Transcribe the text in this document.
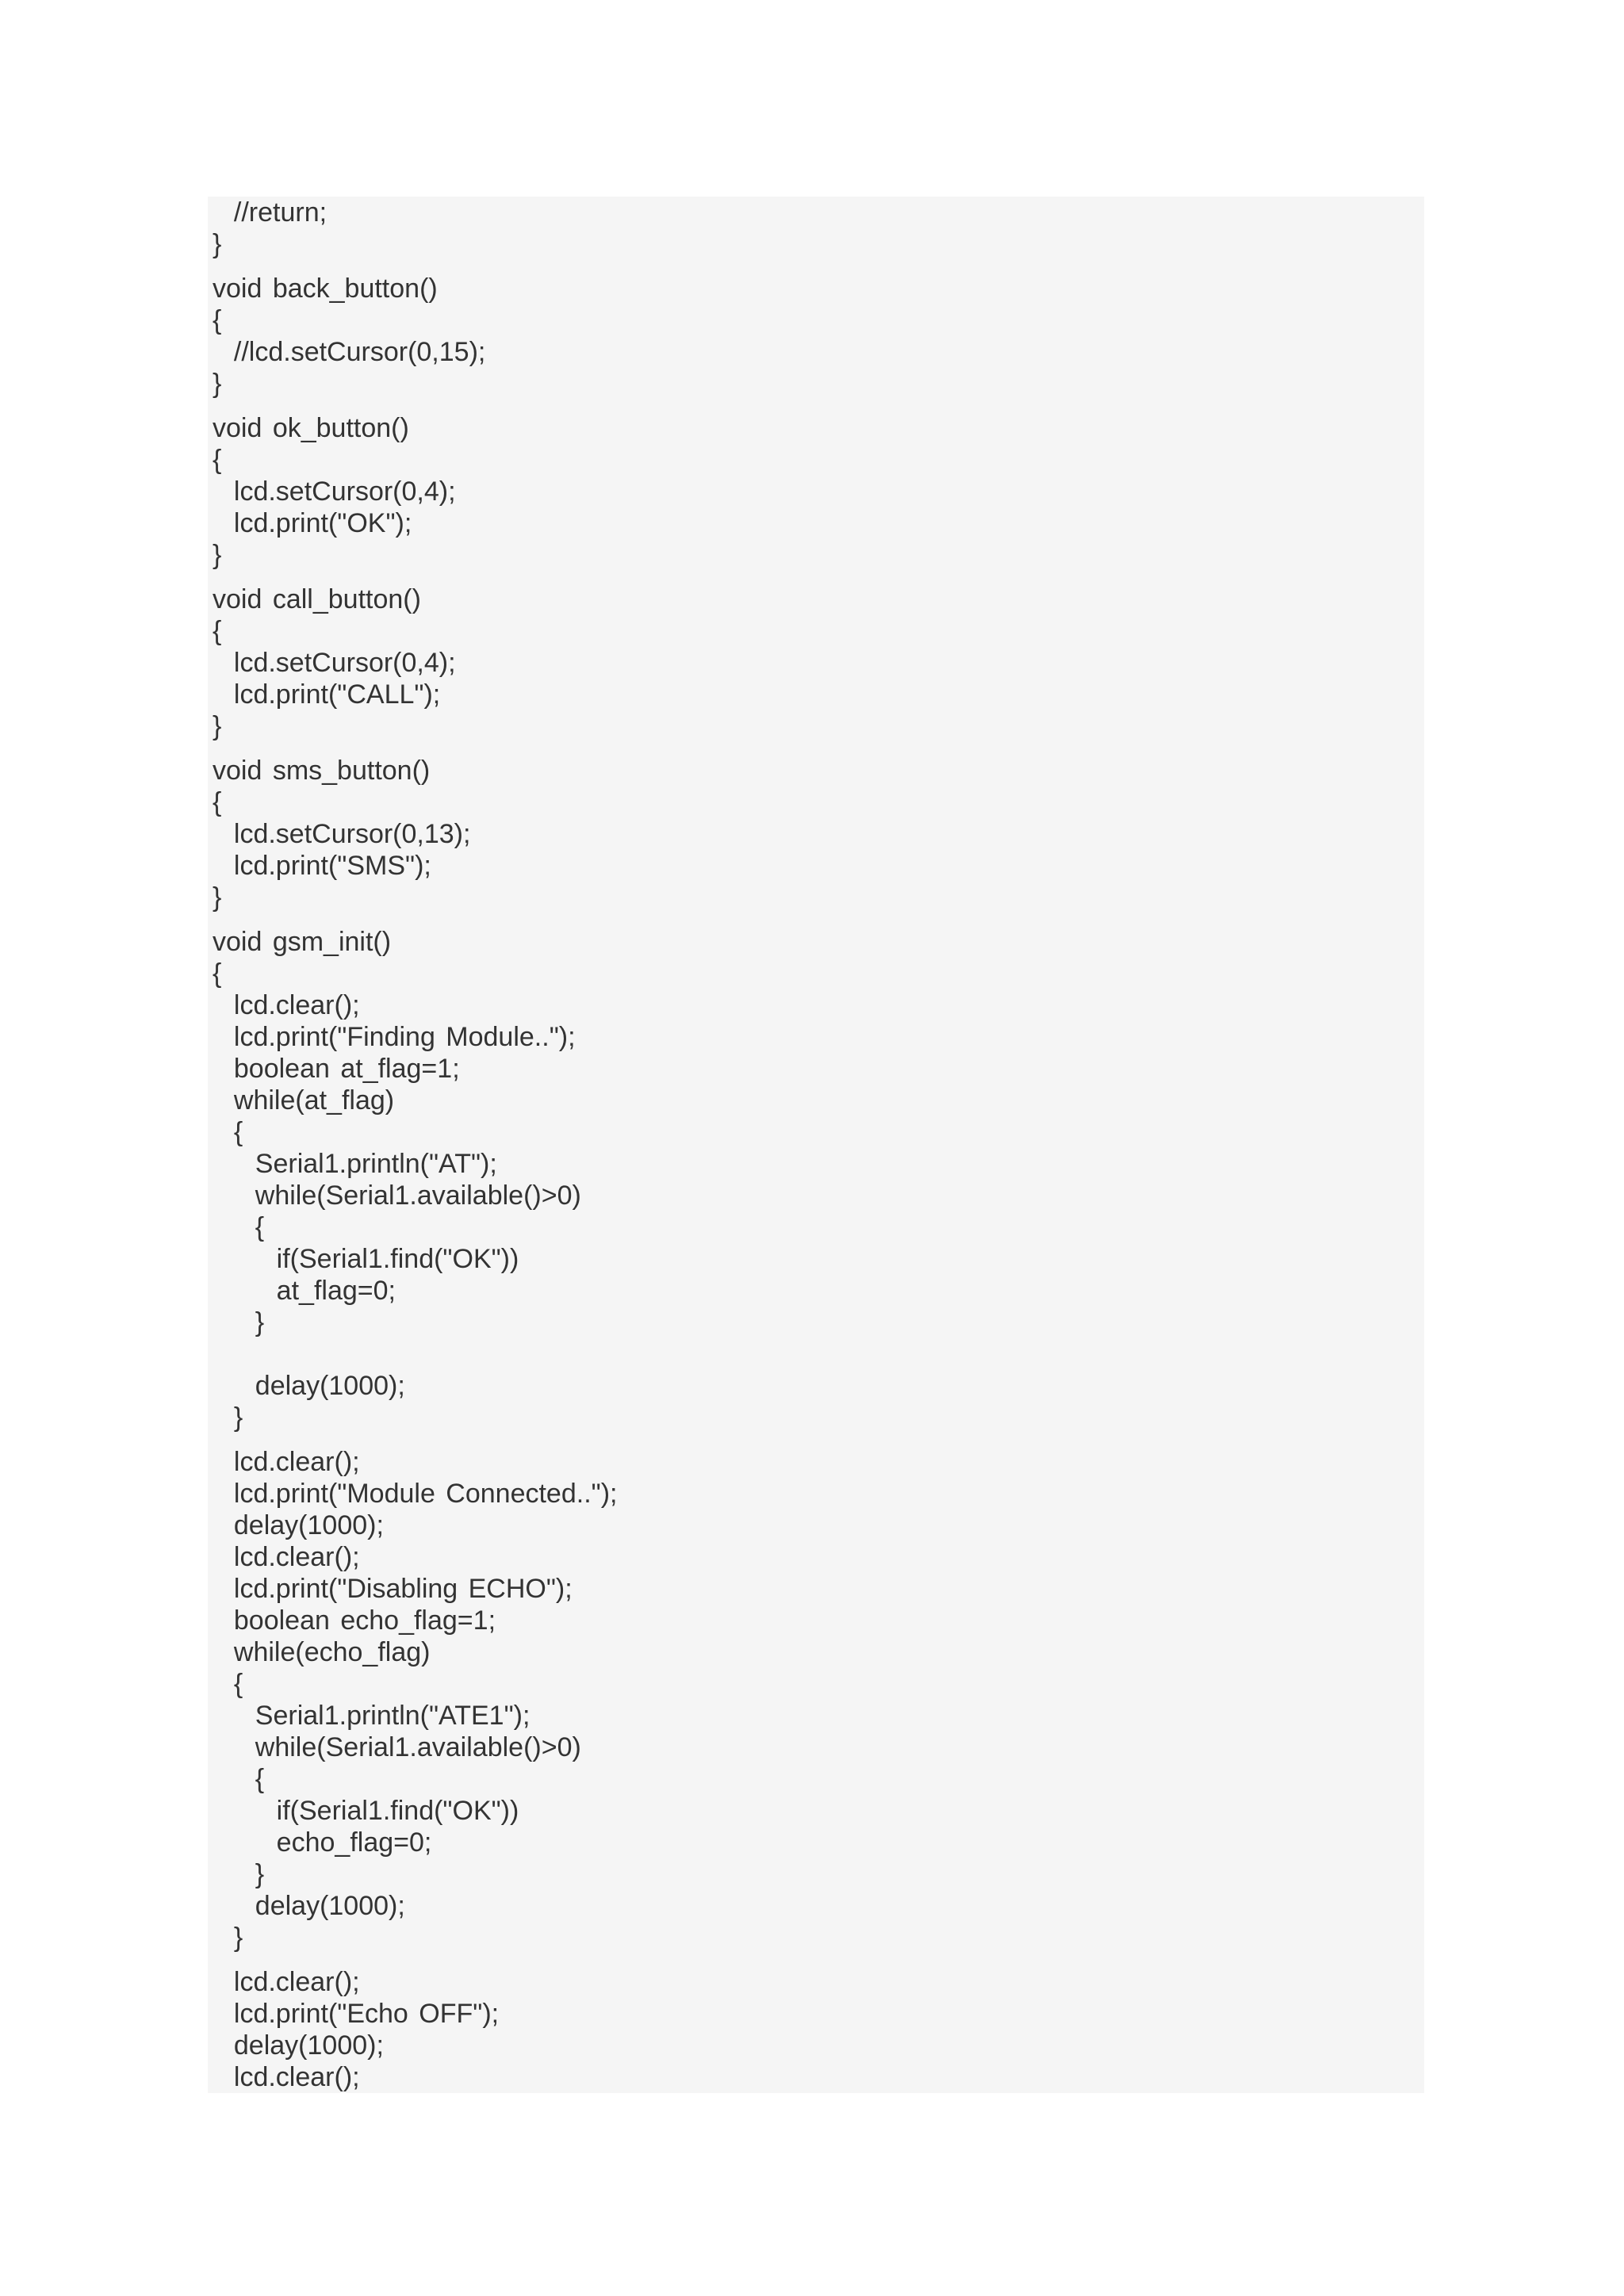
//return;
}
void back_button()
{
//lcd.setCursor(0,15);
}
void ok_button()
{
lcd.setCursor(0,4);
lcd.print("OK");
}
void call_button()
{
lcd.setCursor(0,4);
lcd.print("CALL");
}
void sms_button()
{
lcd.setCursor(0,13);
lcd.print("SMS");
}
void gsm_init()
{
lcd.clear();
lcd.print("Finding Module..");
boolean at_flag=1;
while(at_flag)
{
Serial1.println("AT");
while(Serial1.available()>0)
{
if(Serial1.find("OK"))
at_flag=0;
}
delay(1000);
}
lcd.clear();
lcd.print("Module Connected..");
delay(1000);
lcd.clear();
lcd.print("Disabling ECHO");
boolean echo_flag=1;
while(echo_flag)
{
Serial1.println("ATE1");
while(Serial1.available()>0)
{
if(Serial1.find("OK"))
echo_flag=0;
}
delay(1000);
}
lcd.clear();
lcd.print("Echo OFF");
delay(1000);
lcd.clear();
